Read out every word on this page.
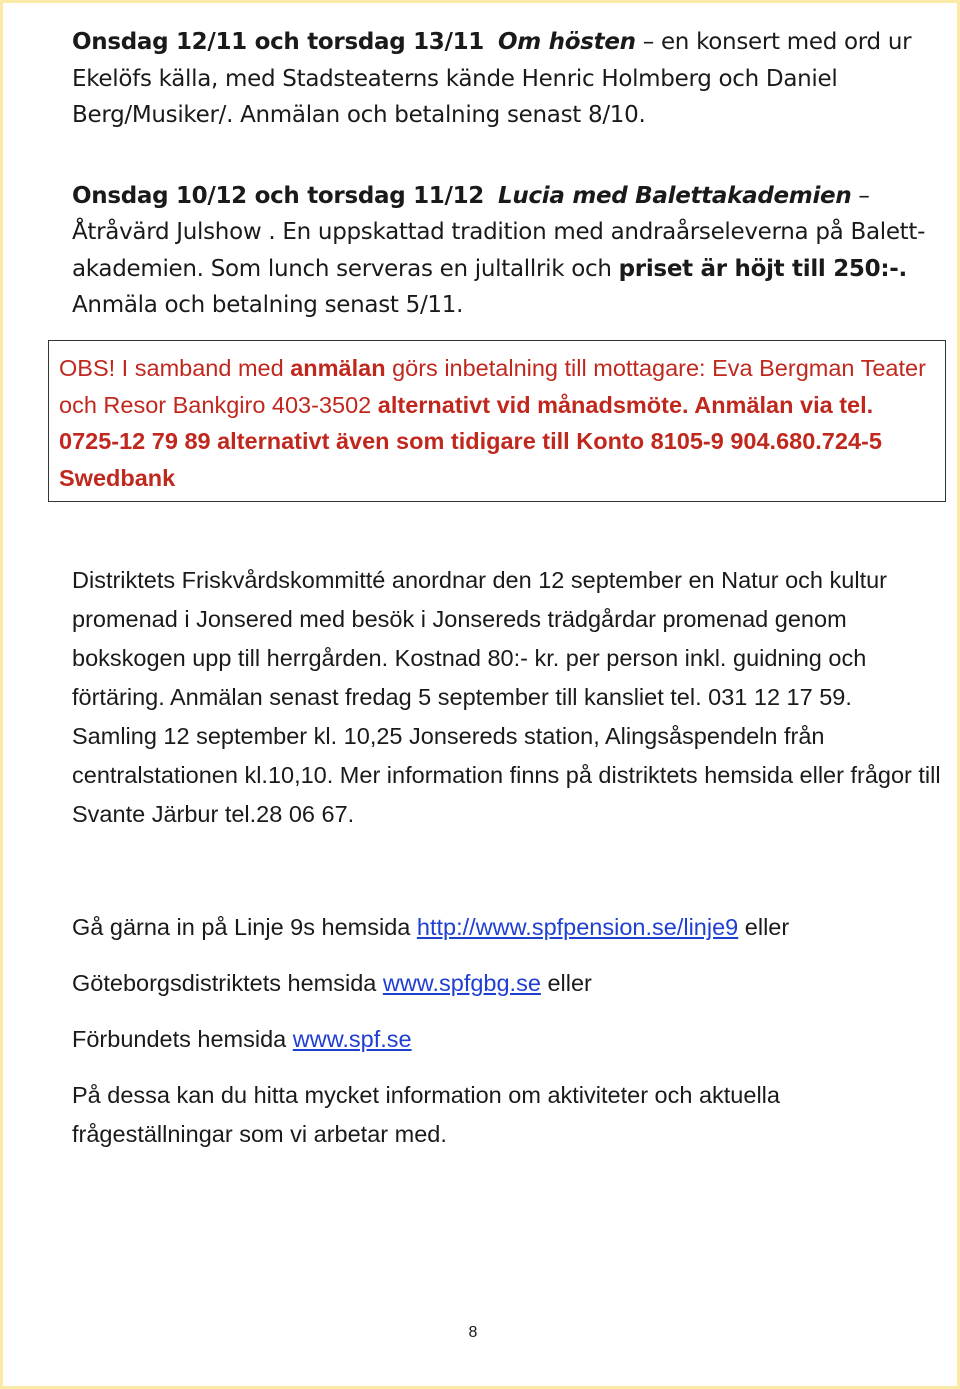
Onsdag 12/11 och torsdag 13/11 Om hösten – en konsert med ord ur Ekelöfs källa, med Stadsteaterns kände Henric Holmberg och Daniel Berg/Musiker/. Anmälan och betalning senast 8/10.

Onsdag 10/12 och torsdag 11/12 Lucia med Balettakademien – Åtråvärd Julshow . En uppskattad tradition med andraårseleverna på Balett-akademien. Som lunch serveras en jultallrik och priset är höjt till 250:-. Anmäla och betalning senast 5/11.

OBS! I samband med anmälan görs inbetalning till mottagare: Eva Bergman Teater och Resor Bankgiro 403-3502 alternativt vid månadsmöte. Anmälan via tel. 0725-12 79 89 alternativt även som tidigare till Konto 8105-9 904.680.724-5 Swedbank

Distriktets Friskvårdskommitté anordnar den 12 september en Natur och kultur promenad i Jonsered med besök i Jonsereds trädgårdar promenad genom bokskogen upp till herrgården. Kostnad 80:- kr. per person inkl. guidning och förtäring. Anmälan senast fredag 5 september till kansliet tel. 031 12 17 59. Samling 12 september kl. 10,25 Jonsereds station, Alingsåspendeln från centralstationen kl.10,10. Mer information finns på distriktets hemsida eller frågor till Svante Järbur tel.28 06 67.

Gå gärna in på Linje 9s hemsida http://www.spfpension.se/linje9 eller

Göteborgsdistriktets hemsida www.spfgbg.se eller

Förbundets hemsida www.spf.se

På dessa kan du hitta mycket information om aktiviteter och aktuella frågeställningar som vi arbetar med.

8
